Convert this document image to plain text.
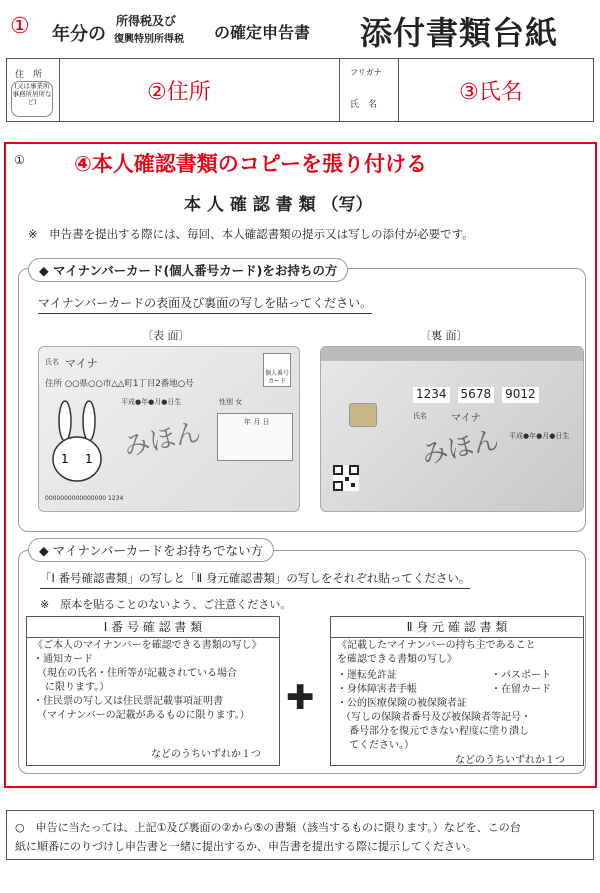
① 年分の
所得税及び
復興特別所得税 の確定申告書 添付書類台紙
住　所
(又は事業所事務所居所など)	②住所
フリガナ
氏　名	③氏名
① ④本人確認書類のコピーを張り付ける
本 人 確 認 書 類 （写）
※　申告書を提出する際には、毎回、本人確認書類の提示又は写しの添付が必要です。
◆ マイナンバーカード(個人番号カード)をお持ちの方
マイナンバーカードの表面及び裏面の写しを貼ってください。
〔表 面〕	〔裏 面〕
氏名 マイナ
住所 ○○県○○市△△町1丁目2番地○号
個人番号カード
1 1 みほん
平成●年●月●日生	性別 女
年 月 日
0000000000000000 1234
1234 5678 9012
氏名 マイナ
平成●年●月●日生
みほん
◆ マイナンバーカードをお持ちでない方
「Ⅰ 番号確認書類」の写しと「Ⅱ 身元確認書類」の写しをそれぞれ貼ってください。
※　原本を貼ることのないよう、ご注意ください。
Ⅰ 番 号 確 認 書 類
《ご本人のマイナンバーを確認できる書類の写し》
・通知カード
（現在の氏名・住所等が記載されている場合
に限ります。）
・住民票の写し又は住民票記載事項証明書
（マイナンバーの記載があるものに限ります。）
などのうちいずれか１つ
✚
Ⅱ 身 元 確 認 書 類
《記載したマイナンバーの持ち主であること
を確認できる書類の写し》
・運転免許証
・身体障害者手帳
・公的医療保険の被保険者証
（写しの保険者番号及び被保険者等記号・
番号部分を復元できない程度に塗り潰し
てください。）
・パスポート
・在留カード
などのうちいずれか１つ
○　申告に当たっては、上記①及び裏面の②から⑤の書類（該当するものに限ります。）などを、この台
紙に順番にのりづけし申告書と一緒に提出するか、申告書を提出する際に提示してください。
